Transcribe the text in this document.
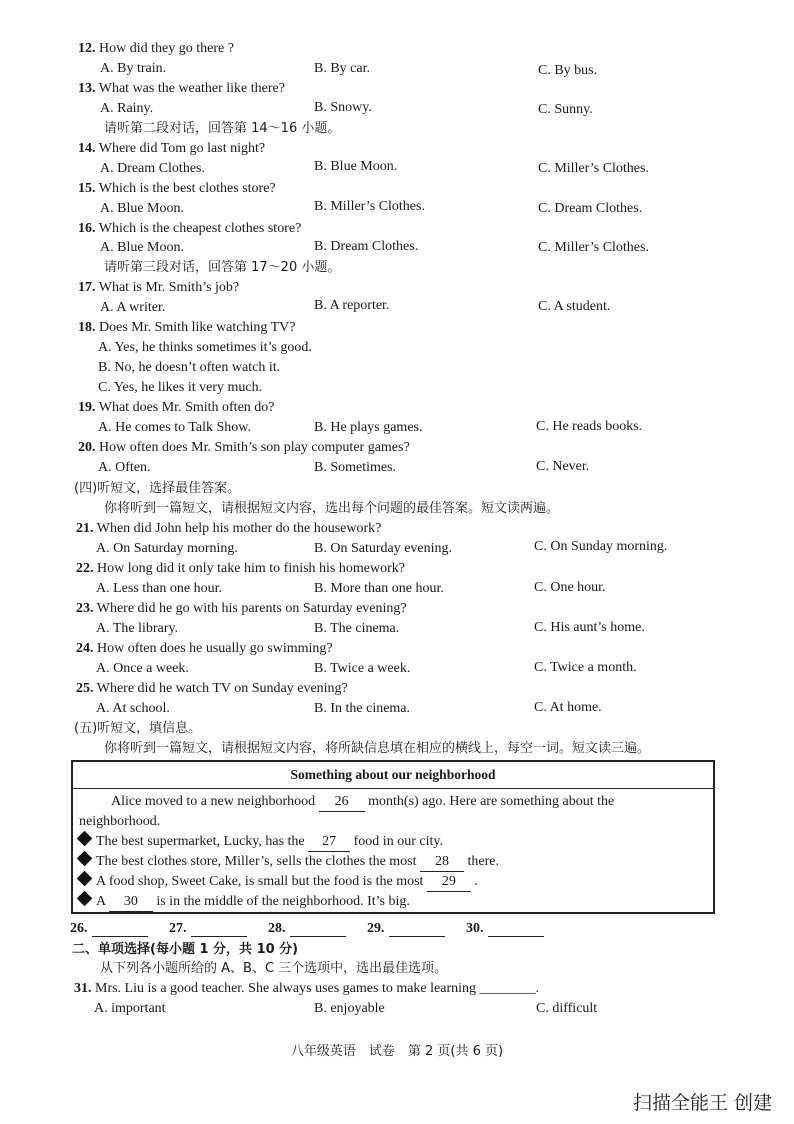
12. How did they go there ?
A. By train.	B. By car.	C. By bus.
13. What was the weather like there?
A. Rainy.	B. Snowy.	C. Sunny.
请听第二段对话，回答第 14～16 小题。
14. Where did Tom go last night?
A. Dream Clothes.	B. Blue Moon.	C. Miller’s Clothes.
15. Which is the best clothes store?
A. Blue Moon.	B. Miller’s Clothes.	C. Dream Clothes.
16. Which is the cheapest clothes store?
A. Blue Moon.	B. Dream Clothes.	C. Miller’s Clothes.
请听第三段对话，回答第 17～20 小题。
17. What is Mr. Smith’s job?
A. A writer.	B. A reporter.	C. A student.
18. Does Mr. Smith like watching TV?
A. Yes, he thinks sometimes it’s good.
B. No, he doesn’t often watch it.
C. Yes, he likes it very much.
19. What does Mr. Smith often do?
A. He comes to Talk Show.	B. He plays games.	C. He reads books.
20. How often does Mr. Smith’s son play computer games?
A. Often.	B. Sometimes.	C. Never.
(四)听短文，选择最佳答案。
你将听到一篇短文，请根据短文内容，选出每个问题的最佳答案。短文读两遍。
21. When did John help his mother do the housework?
A. On Saturday morning.	B. On Saturday evening.	C. On Sunday morning.
22. How long did it only take him to finish his homework?
A. Less than one hour.	B. More than one hour.	C. One hour.
23. Where did he go with his parents on Saturday evening?
A. The library.	B. The cinema.	C. His aunt’s home.
24. How often does he usually go swimming?
A. Once a week.	B. Twice a week.	C. Twice a month.
25. Where did he watch TV on Sunday evening?
A. At school.	B. In the cinema.	C. At home.
(五)听短文，填信息。
你将听到一篇短文，请根据短文内容，将所缺信息填在相应的横线上，每空一词。短文读三遍。
Something about our neighborhood
Alice moved to a new neighborhood 26 month(s) ago. Here are something about the
neighborhood.
The best supermarket, Lucky, has the 27 food in our city.
The best clothes store, Miller’s, sells the clothes the most 28 there.
A food shop, Sweet Cake, is small but the food is the most 29 .
A 30 is in the middle of the neighborhood. It’s big.
26.	27.	28.	29.	30.
二、单项选择(每小题 1 分，共 10 分)
从下列各小题所给的 A、B、C 三个选项中，选出最佳选项。
31. Mrs. Liu is a good teacher. She always uses games to make learning ________.
A. important	B. enjoyable	C. difficult
八年级英语　试卷　第 2 页(共 6 页)
扫描全能王 创建
